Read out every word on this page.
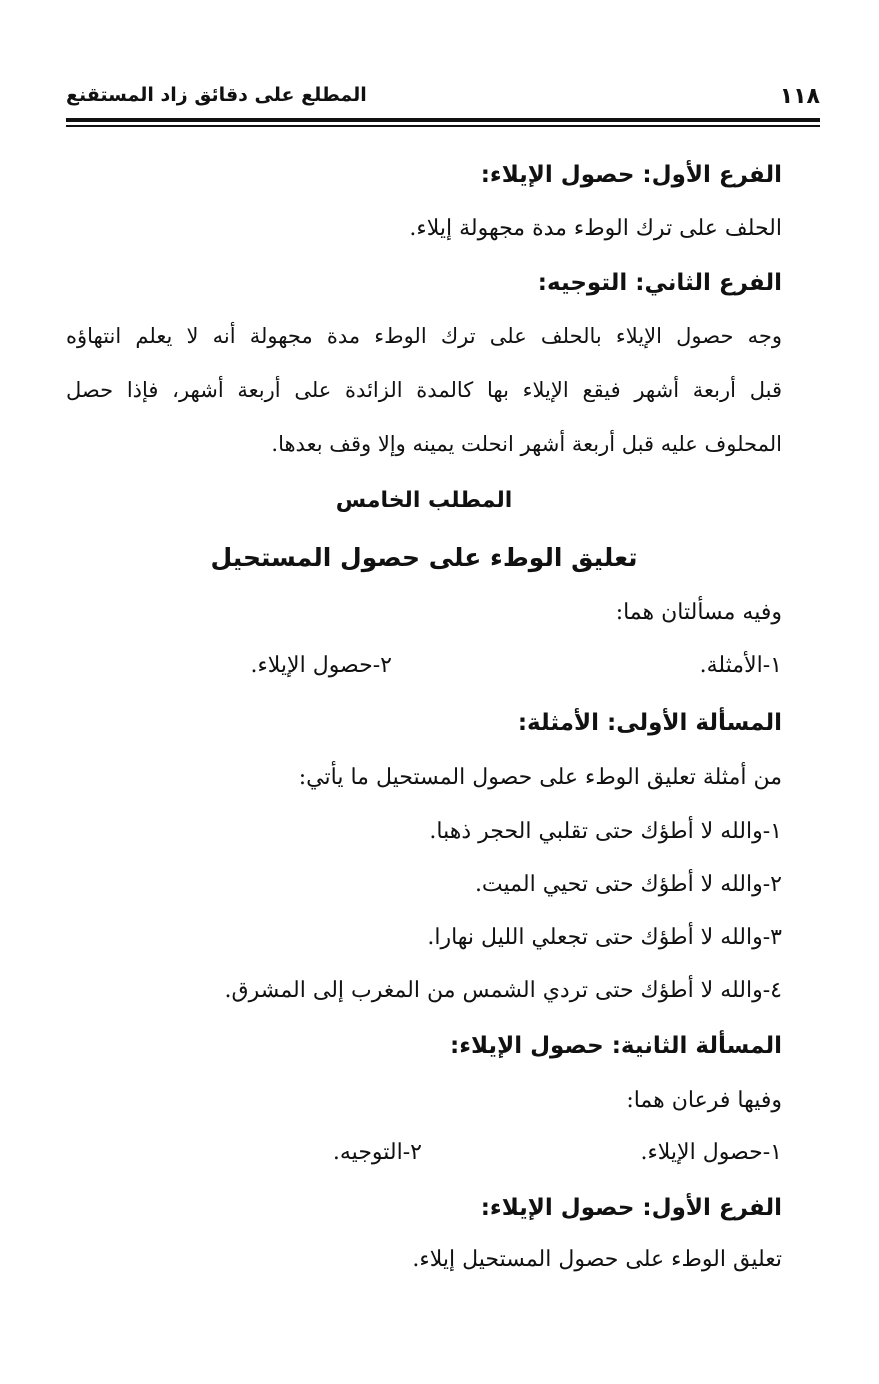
١١٨
المطلع على دقائق زاد المستقنع
الفرع الأول: حصول الإيلاء:
الحلف على ترك الوطء مدة مجهولة إيلاء.
الفرع الثاني: التوجيه:
وجه حصول الإيلاء بالحلف على ترك الوطء مدة مجهولة أنه لا يعلم انتهاؤه
قبل أربعة أشهر فيقع الإيلاء بها كالمدة الزائدة على أربعة أشهر، فإذا حصل
المحلوف عليه قبل أربعة أشهر انحلت يمينه وإلا وقف بعدها.
المطلب الخامس
تعليق الوطء على حصول المستحيل
وفيه مسألتان هما:
١-الأمثلة.
٢-حصول الإيلاء.
المسألة الأولى: الأمثلة:
من أمثلة تعليق الوطء على حصول المستحيل ما يأتي:
١-والله لا أطؤك حتى تقلبي الحجر ذهبا.
٢-والله لا أطؤك حتى تحيي الميت.
٣-والله لا أطؤك حتى تجعلي الليل نهارا.
٤-والله لا أطؤك حتى تردي الشمس من المغرب إلى المشرق.
المسألة الثانية: حصول الإيلاء:
وفيها فرعان هما:
١-حصول الإيلاء.
٢-التوجيه.
الفرع الأول: حصول الإيلاء:
تعليق الوطء على حصول المستحيل إيلاء.
